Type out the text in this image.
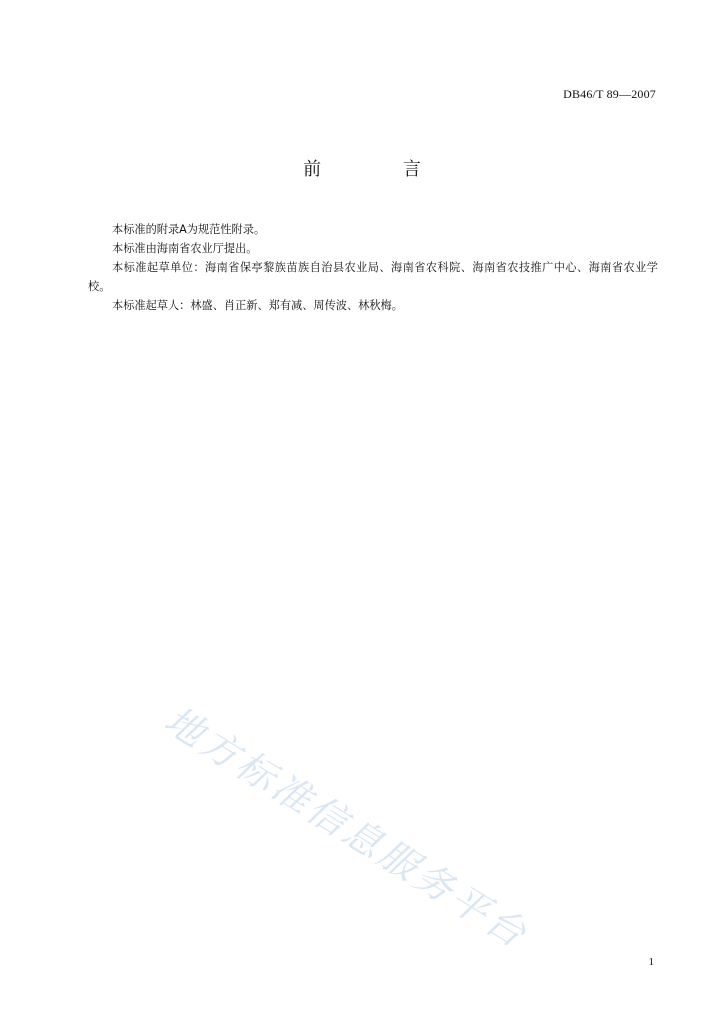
DB46/T 89—2007
前 言

本标准的附录A为规范性附录。

本标准由海南省农业厅提出。

本标准起草单位：海南省保亭黎族苗族自治县农业局、海南省农科院、海南省农技推广中心、海南省农业学校。

本标准起草人：林盛、肖正新、郑有减、周传波、林秋梅。

地方标准信息服务平台
1
